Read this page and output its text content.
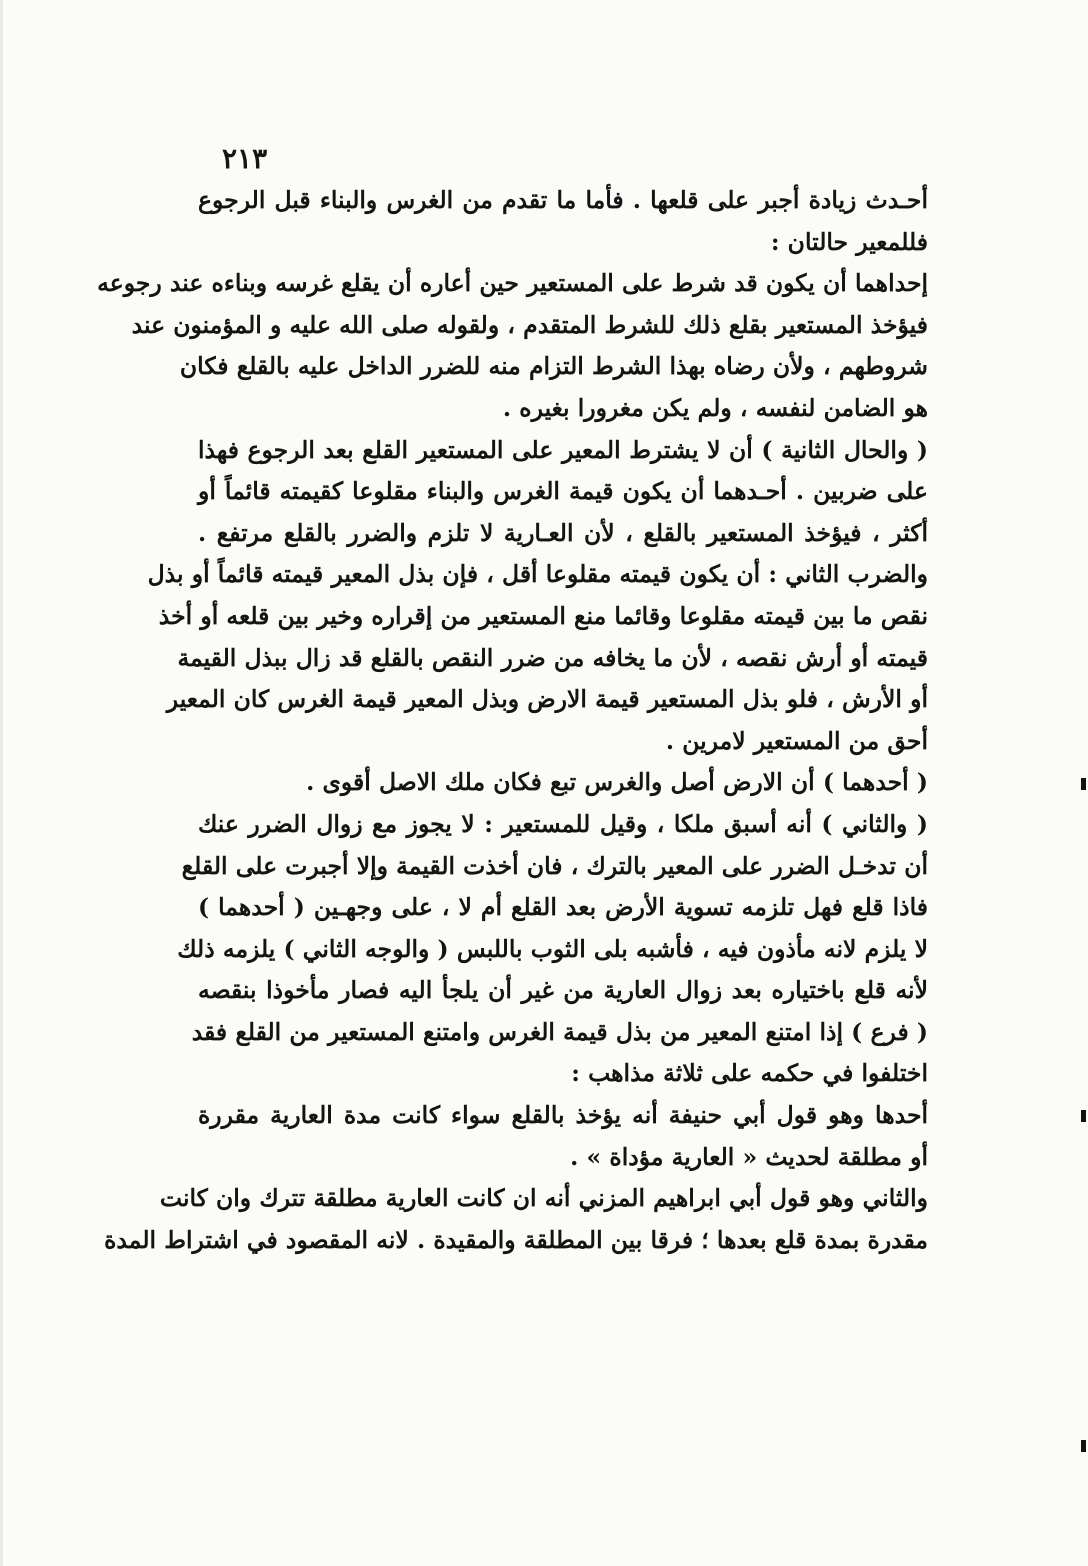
٢١٣
أحـدث زيادة أجبر على قلعها . فأما ما تقدم من الغرس والبناء قبل الرجوع
فللمعير حالتان :
إحداهما أن يكون قد شرط على المستعير حين أعاره أن يقلع غرسه وبناءه عند رجوعه
فيؤخذ المستعير بقلع ذلك للشرط المتقدم ، ولقوله صلى الله عليه و المؤمنون عند
شروطهم ، ولأن رضاه بهذا الشرط التزام منه للضرر الداخل عليه بالقلع فكان
هو الضامن لنفسه ، ولم يكن مغرورا بغيره .
( والحال الثانية ) أن لا يشترط المعير على المستعير القلع بعد الرجوع فهذا
على ضربين . أحـدهما أن يكون قيمة الغرس والبناء مقلوعا كقيمته قائماً أو
أكثر ، فيؤخذ المستعير بالقلع ، لأن العـارية لا تلزم والضرر بالقلع مرتفع .
والضرب الثاني : أن يكون قيمته مقلوعا أقل ، فإن بذل المعير قيمته قائماً أو بذل
نقص ما بين قيمته مقلوعا وقائما منع المستعير من إقراره وخير بين قلعه أو أخذ
قيمته أو أرش نقصه ، لأن ما يخافه من ضرر النقص بالقلع قد زال ببذل القيمة
أو الأرش ، فلو بذل المستعير قيمة الارض وبذل المعير قيمة الغرس كان المعير
أحق من المستعير لامرين .
( أحدهما ) أن الارض أصل والغرس تبع فكان ملك الاصل أقوى .
( والثاني ) أنه أسبق ملكا ، وقيل للمستعير : لا يجوز مع زوال الضرر عنك
أن تدخـل الضرر على المعير بالترك ، فان أخذت القيمة وإلا أجبرت على القلع
فاذا قلع فهل تلزمه تسوية الأرض بعد القلع أم لا ، على وجهـين ( أحدهما )
لا يلزم لانه مأذون فيه ، فأشبه بلى الثوب باللبس ( والوجه الثاني ) يلزمه ذلك
لأنه قلع باختياره بعد زوال العارية من غير أن يلجأ اليه فصار مأخوذا بنقصه
( فرع ) إذا امتنع المعير من بذل قيمة الغرس وامتنع المستعير من القلع فقد
اختلفوا في حكمه على ثلاثة مذاهب :
أحدها وهو قول أبي حنيفة أنه يؤخذ بالقلع سواء كانت مدة العارية مقررة
أو مطلقة لحديث « العارية مؤداة » .
والثاني وهو قول أبي ابراهيم المزني أنه ان كانت العارية مطلقة تترك وان كانت
مقدرة بمدة قلع بعدها ؛ فرقا بين المطلقة والمقيدة . لانه المقصود في اشتراط المدة
